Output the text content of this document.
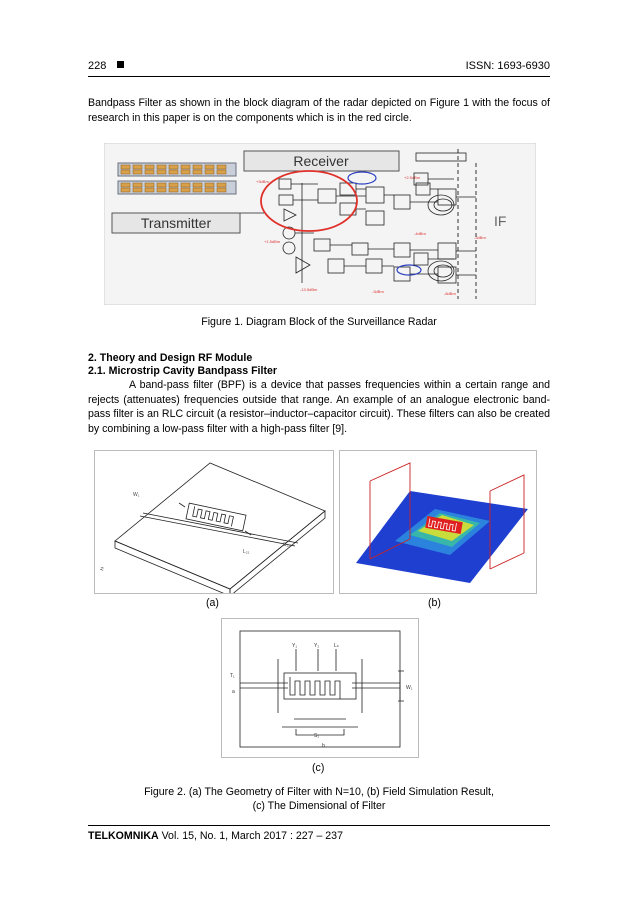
228	ISSN: 1693-6930
Bandpass Filter as shown in the block diagram of the radar depicted on Figure 1 with the focus of research in this paper is on the components which is in the red circle.
Receiver
Transmitter
+3dBm
+1.5dBm
-13.5dBm
+2.5dBm
-4dBm
-3dBm
-3dBm
-8dBm
IF
Figure 1. Diagram Block of the Surveillance Radar
2. Theory and Design RF Module
2.1. Microstrip Cavity Bandpass Filter
A band-pass filter (BPF) is a device that passes frequencies within a certain range and rejects (attenuates) frequencies outside that range. An example of an analogue electronic band-pass filter is an RLC circuit (a resistor–inductor–capacitor circuit). These filters can also be created by combining a low-pass filter with a high-pass filter [9].
W₁
L₂₁
S₁₂₁
H
(a)
1
(b)
Y₁	Y₂	Lₙ
T₁
a
W₁
S₁
b
(c)
Figure 2. (a) The Geometry of Filter with N=10, (b) Field Simulation Result,
(c) The Dimensional of Filter
TELKOMNIKA Vol. 15, No. 1, March 2017 : 227 – 237
